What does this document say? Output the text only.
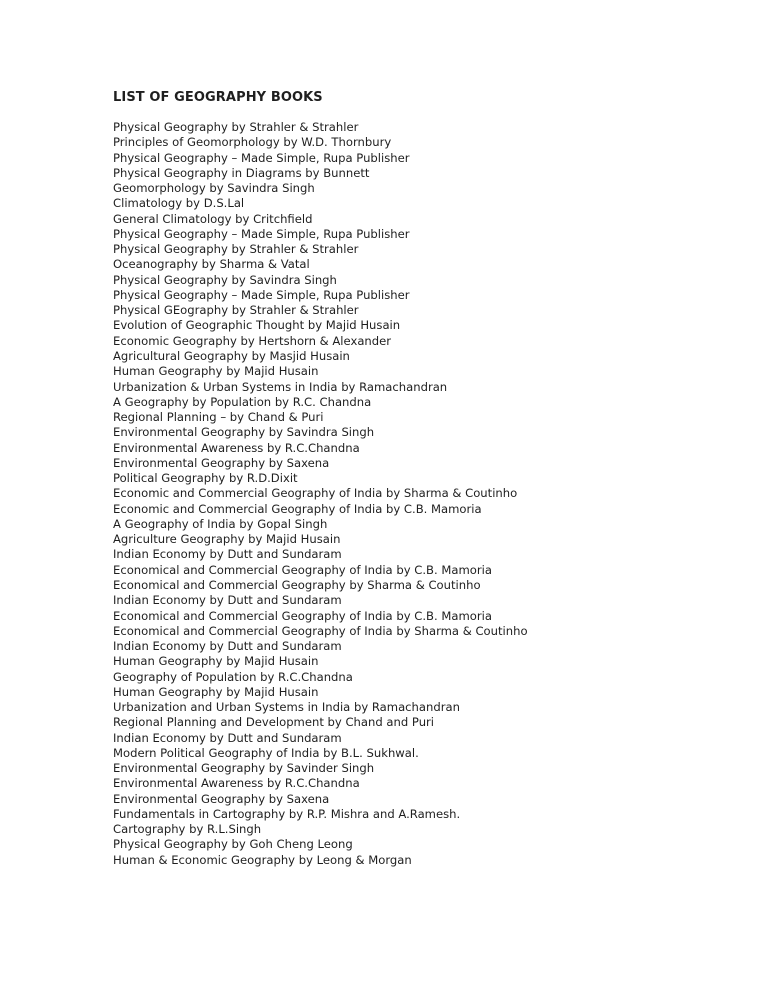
LIST OF GEOGRAPHY BOOKS
Physical Geography by Strahler & Strahler
Principles of Geomorphology by W.D. Thornbury
Physical Geography – Made Simple, Rupa Publisher
Physical Geography in Diagrams by Bunnett
Geomorphology by Savindra Singh
Climatology by D.S.Lal
General Climatology by Critchfield
Physical Geography – Made Simple, Rupa Publisher
Physical Geography by Strahler & Strahler
Oceanography by Sharma & Vatal
Physical Geography by Savindra Singh
Physical Geography – Made Simple, Rupa Publisher
Physical GEography by Strahler & Strahler
Evolution of Geographic Thought by Majid Husain
Economic Geography by Hertshorn & Alexander
Agricultural Geography by Masjid Husain
Human Geography by Majid Husain
Urbanization & Urban Systems in India by Ramachandran
A Geography by Population by R.C. Chandna
Regional Planning – by Chand & Puri
Environmental Geography by Savindra Singh
Environmental Awareness by R.C.Chandna
Environmental Geography by Saxena
Political Geography by R.D.Dixit
Economic and Commercial Geography of India by Sharma & Coutinho
Economic and Commercial Geography of India by C.B. Mamoria
A Geography of India by Gopal Singh
Agriculture Geography by Majid Husain
Indian Economy by Dutt and Sundaram
Economical and Commercial Geography of India by C.B. Mamoria
Economical and Commercial Geography by Sharma & Coutinho
Indian Economy by Dutt and Sundaram
Economical and Commercial Geography of India by C.B. Mamoria
Economical and Commercial Geography of India by Sharma & Coutinho
Indian Economy by Dutt and Sundaram
Human Geography by Majid Husain
Geography of Population by R.C.Chandna
Human Geography by Majid Husain
Urbanization and Urban Systems in India by Ramachandran
Regional Planning and Development by Chand and Puri
Indian Economy by Dutt and Sundaram
Modern Political Geography of India by B.L. Sukhwal.
Environmental Geography by Savinder Singh
Environmental Awareness by R.C.Chandna
Environmental Geography by Saxena
Fundamentals in Cartography by R.P. Mishra and A.Ramesh.
Cartography by R.L.Singh
Physical Geography by Goh Cheng Leong
Human & Economic Geography by Leong & Morgan
